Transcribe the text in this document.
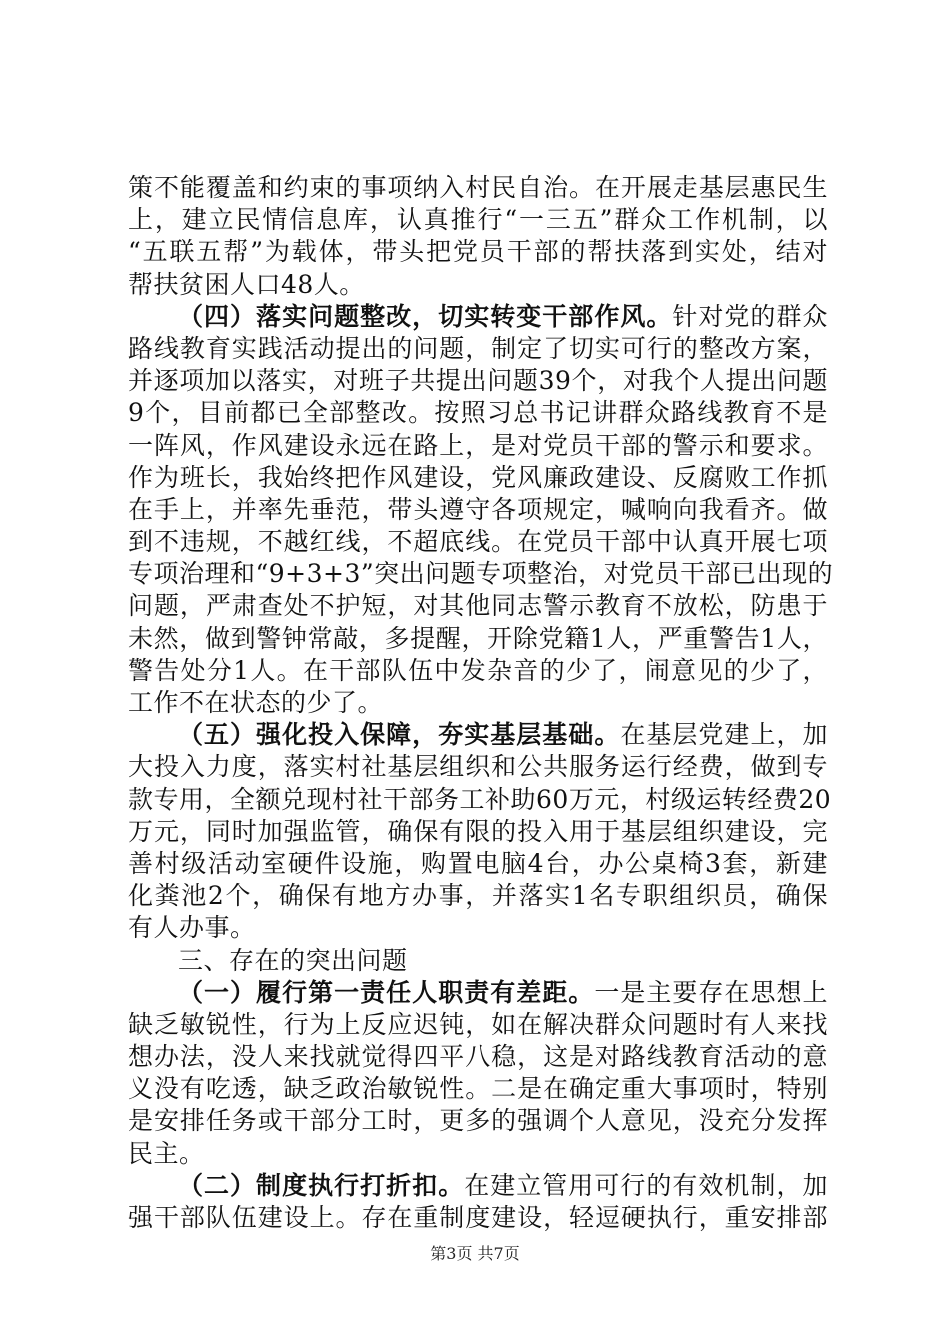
策不能覆盖和约束的事项纳入村民自治。在开展走基层惠民生
上，建立民情信息库，认真推行“一三五”群众工作机制，以
“五联五帮”为载体，带头把党员干部的帮扶落到实处，结对
帮扶贫困人口48人。
（四）落实问题整改，切实转变干部作风。针对党的群众
路线教育实践活动提出的问题，制定了切实可行的整改方案，
并逐项加以落实，对班子共提出问题39个，对我个人提出问题
9个，目前都已全部整改。按照习总书记讲群众路线教育不是
一阵风，作风建设永远在路上，是对党员干部的警示和要求。
作为班长，我始终把作风建设，党风廉政建设、反腐败工作抓
在手上，并率先垂范，带头遵守各项规定，喊响向我看齐。做
到不违规，不越红线，不超底线。在党员干部中认真开展七项
专项治理和“9+3+3”突出问题专项整治，对党员干部已出现的
问题，严肃查处不护短，对其他同志警示教育不放松，防患于
未然，做到警钟常敲，多提醒，开除党籍1人，严重警告1人，
警告处分1人。在干部队伍中发杂音的少了，闹意见的少了，
工作不在状态的少了。
（五）强化投入保障，夯实基层基础。在基层党建上，加
大投入力度，落实村社基层组织和公共服务运行经费，做到专
款专用，全额兑现村社干部务工补助60万元，村级运转经费20
万元，同时加强监管，确保有限的投入用于基层组织建设，完
善村级活动室硬件设施，购置电脑4台，办公桌椅3套，新建
化粪池2个，确保有地方办事，并落实1名专职组织员，确保
有人办事。
三、存在的突出问题
（一）履行第一责任人职责有差距。一是主要存在思想上
缺乏敏锐性，行为上反应迟钝，如在解决群众问题时有人来找
想办法，没人来找就觉得四平八稳，这是对路线教育活动的意
义没有吃透，缺乏政治敏锐性。二是在确定重大事项时，特别
是安排任务或干部分工时，更多的强调个人意见，没充分发挥
民主。
（二）制度执行打折扣。在建立管用可行的有效机制，加
强干部队伍建设上。存在重制度建设，轻逗硬执行，重安排部
第3页 共7页
